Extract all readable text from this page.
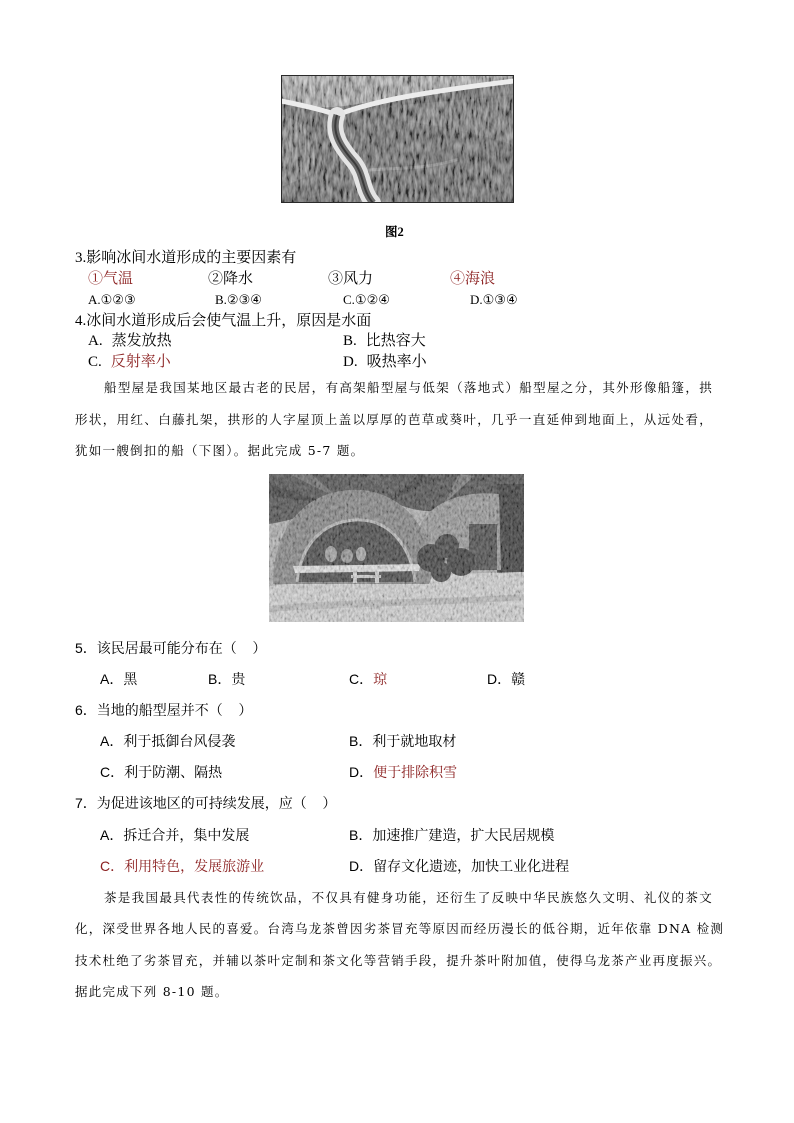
图2
3.影响冰间水道形成的主要因素有
①气温	②降水	③风力	④海浪
A.①②③	B.②③④	C.①②④	D.①③④
4.冰间水道形成后会使气温上升，原因是水面
A. 蒸发放热	B. 比热容大
C. 反射率小	D. 吸热率小
船型屋是我国某地区最古老的民居，有高架船型屋与低架（落地式）船型屋之分，其外形像船篷，拱
形状，用红、白藤扎架，拱形的人字屋顶上盖以厚厚的芭草或葵叶，几乎一直延伸到地面上，从远处看，
犹如一艘倒扣的船（下图）。据此完成 5-7 题。
5．该民居最可能分布在（    ）
A．黑	B．贵	C．琼	D．赣
6．当地的船型屋并不（    ）
A．利于抵御台风侵袭	B．利于就地取材
C．利于防潮、隔热	D．便于排除积雪
7．为促进该地区的可持续发展，应（    ）
A．拆迁合并，集中发展	B．加速推广建造，扩大民居规模
C．利用特色，发展旅游业	D．留存文化遗迹，加快工业化进程
茶是我国最具代表性的传统饮品，不仅具有健身功能，还衍生了反映中华民族悠久文明、礼仪的茶文
化，深受世界各地人民的喜爱。台湾乌龙茶曾因劣茶冒充等原因而经历漫长的低谷期，近年依靠 DNA 检测
技术杜绝了劣茶冒充，并辅以茶叶定制和茶文化等营销手段，提升茶叶附加值，使得乌龙茶产业再度振兴。
据此完成下列 8-10 题。
